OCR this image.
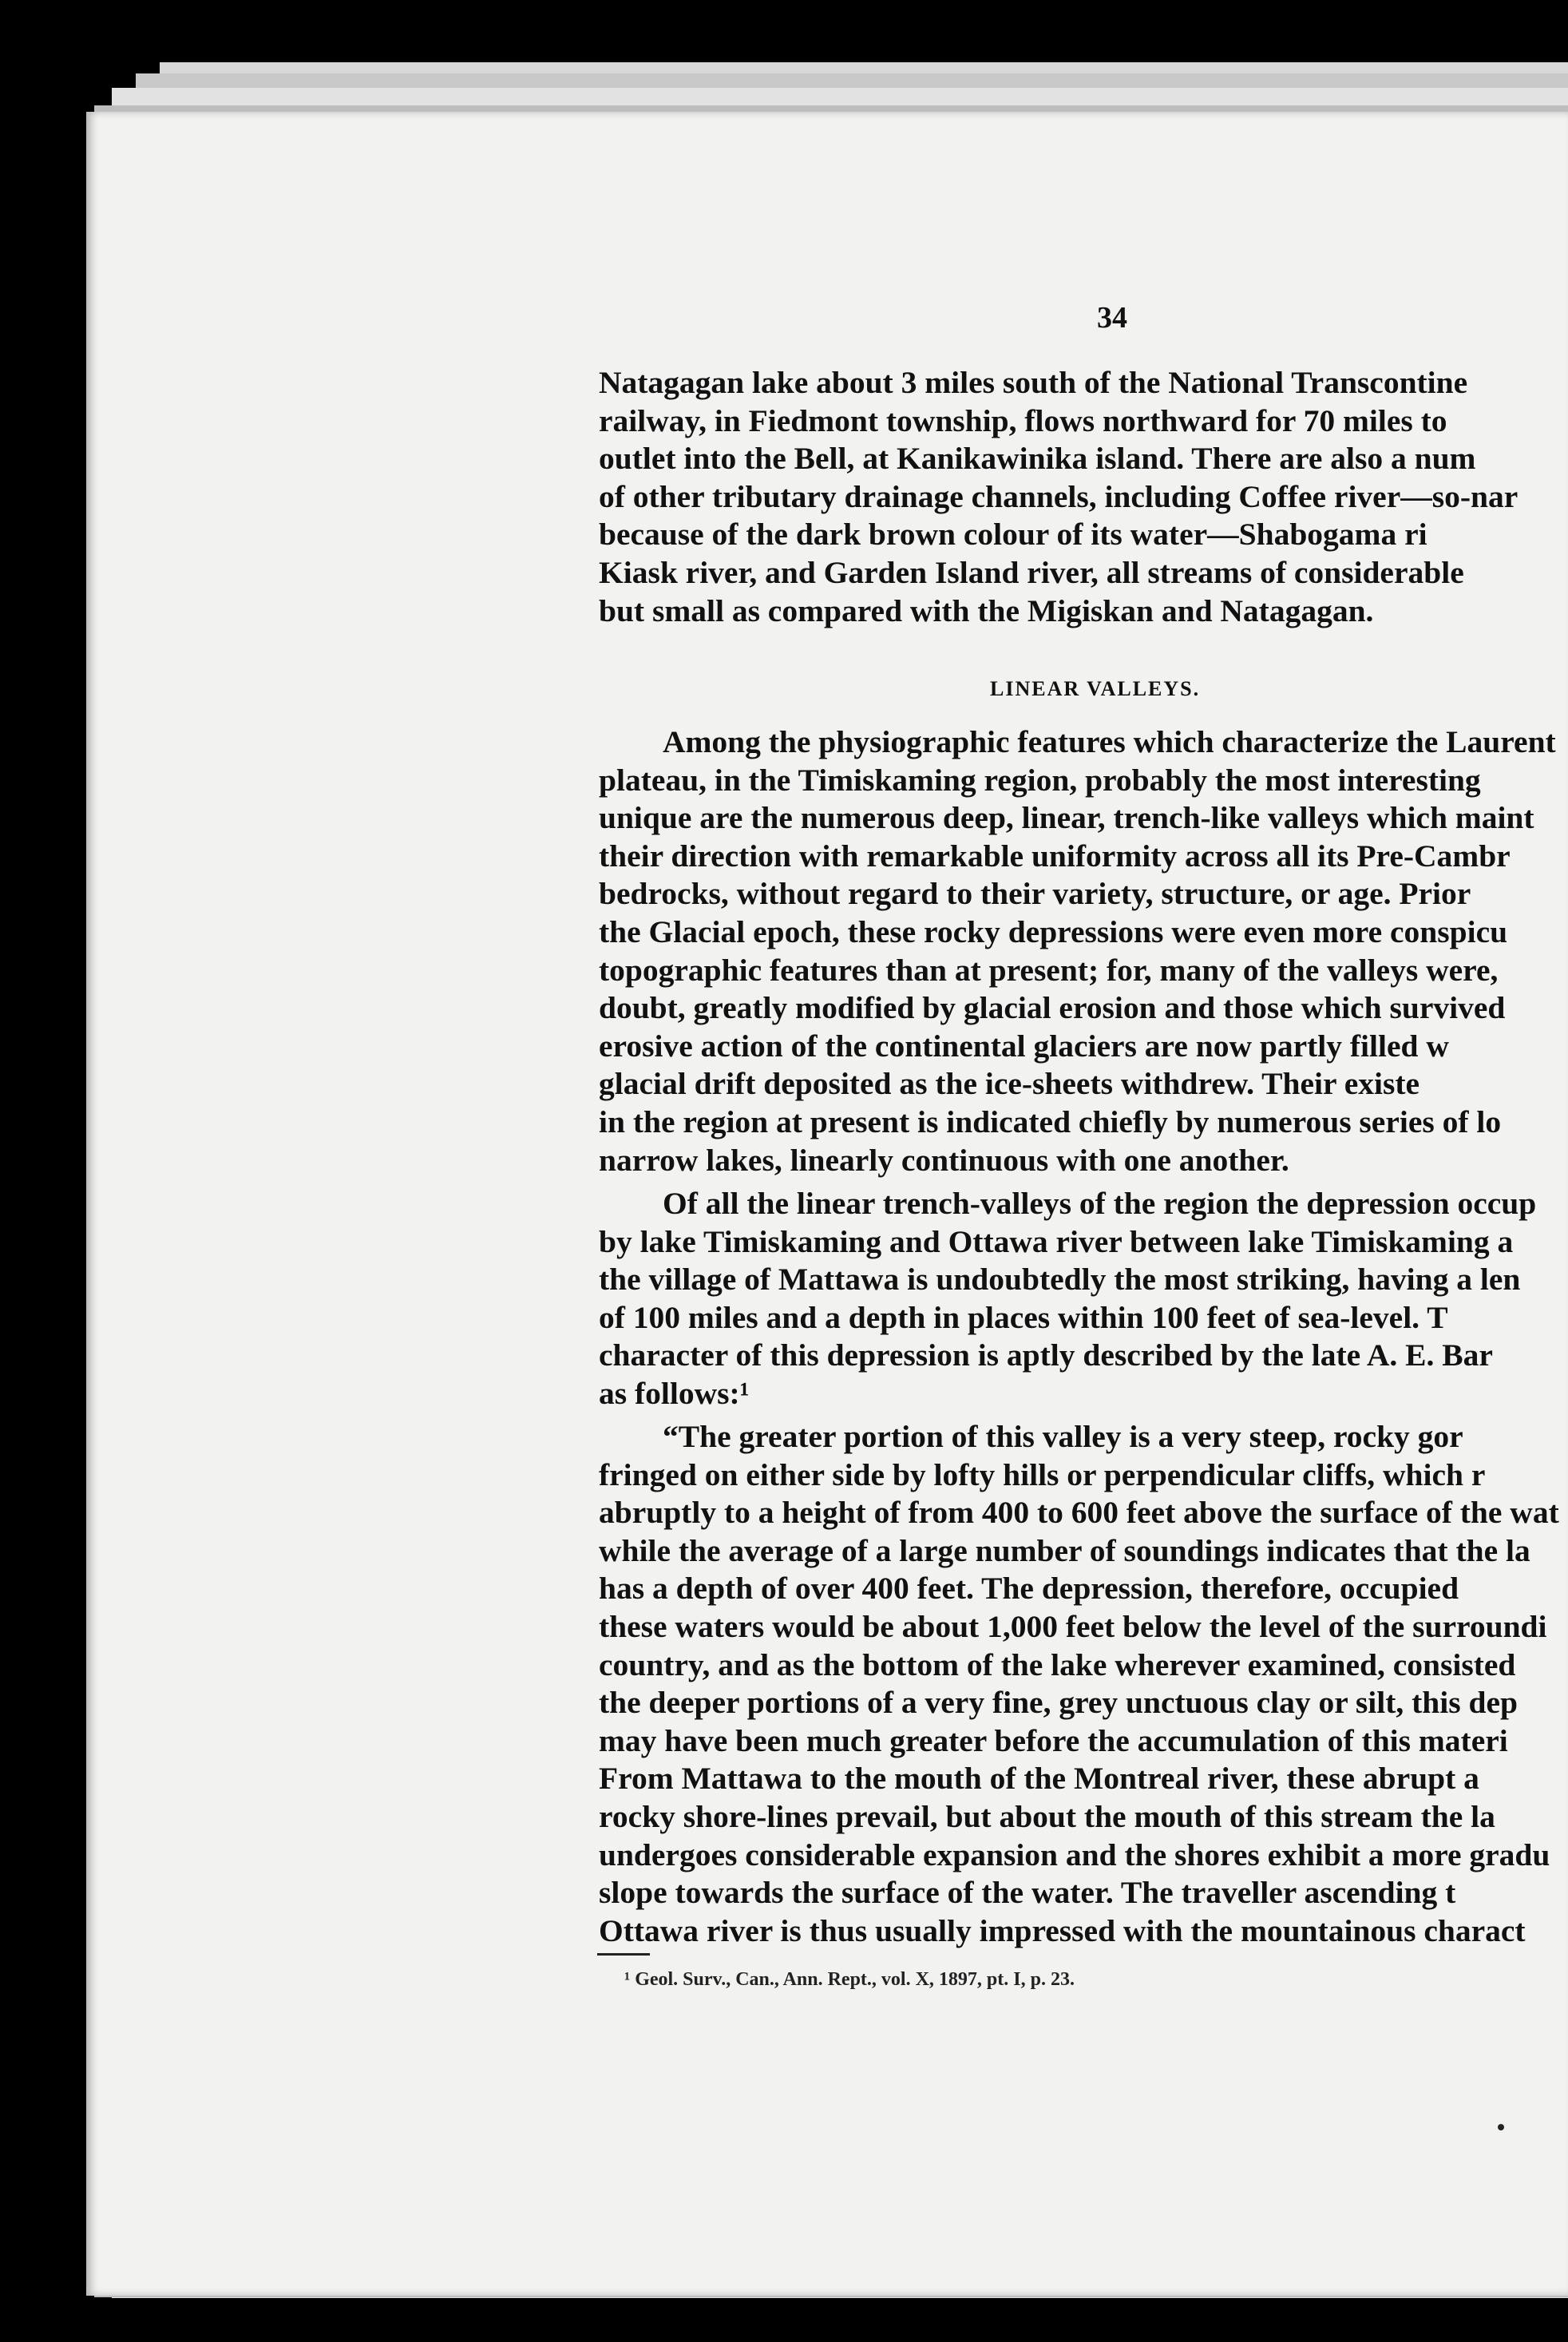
34
Natagagan lake about 3 miles south of the National Transcontine
railway, in Fiedmont township, flows northward for 70 miles to
outlet into the Bell, at Kanikawinika island. There are also a num
of other tributary drainage channels, including Coffee river—so-nar
because of the dark brown colour of its water—Shabogama ri
Kiask river, and Garden Island river, all streams of considerable
but small as compared with the Migiskan and Natagagan.
LINEAR VALLEYS.
Among the physiographic features which characterize the Laurent
plateau, in the Timiskaming region, probably the most interesting
unique are the numerous deep, linear, trench-like valleys which maint
their direction with remarkable uniformity across all its Pre-Cambr
bedrocks, without regard to their variety, structure, or age. Prior
the Glacial epoch, these rocky depressions were even more conspicu
topographic features than at present; for, many of the valleys were,
doubt, greatly modified by glacial erosion and those which survived
erosive action of the continental glaciers are now partly filled w
glacial drift deposited as the ice-sheets withdrew. Their existe
in the region at present is indicated chiefly by numerous series of lo
narrow lakes, linearly continuous with one another.
Of all the linear trench-valleys of the region the depression occup
by lake Timiskaming and Ottawa river between lake Timiskaming a
the village of Mattawa is undoubtedly the most striking, having a len
of 100 miles and a depth in places within 100 feet of sea-level. T
character of this depression is aptly described by the late A. E. Bar
as follows:¹
“The greater portion of this valley is a very steep, rocky gor
fringed on either side by lofty hills or perpendicular cliffs, which r
abruptly to a height of from 400 to 600 feet above the surface of the wat
while the average of a large number of soundings indicates that the la
has a depth of over 400 feet. The depression, therefore, occupied
these waters would be about 1,000 feet below the level of the surroundi
country, and as the bottom of the lake wherever examined, consisted
the deeper portions of a very fine, grey unctuous clay or silt, this dep
may have been much greater before the accumulation of this materi
From Mattawa to the mouth of the Montreal river, these abrupt a
rocky shore-lines prevail, but about the mouth of this stream the la
undergoes considerable expansion and the shores exhibit a more gradu
slope towards the surface of the water. The traveller ascending t
Ottawa river is thus usually impressed with the mountainous charact
¹ Geol. Surv., Can., Ann. Rept., vol. X, 1897, pt. I, p. 23.
